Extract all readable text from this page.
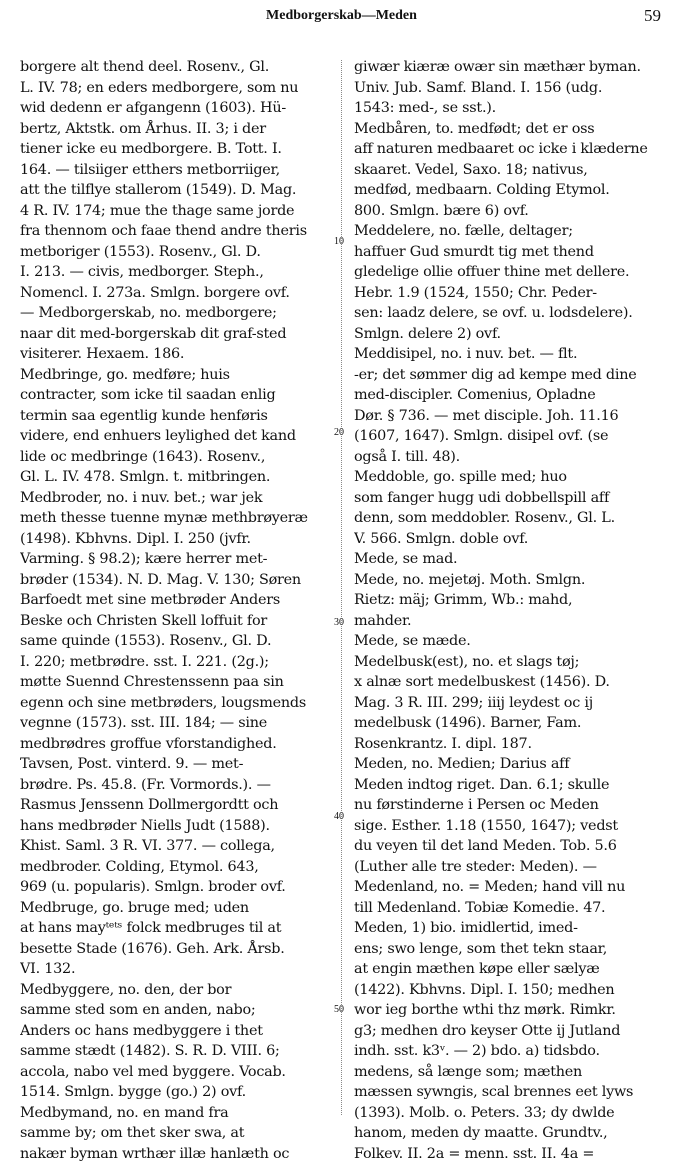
Medborgerskab—Meden	59
10
20
30
40
50
borgere alt thend deel. Rosenv., Gl.
L. IV. 78; en eders medborgere, som nu
wid dedenn er afgangenn (1603). Hü-
bertz, Aktstk. om Århus. II. 3; i der
tiener icke eu medborgere. B. Tott. I.
164. — tilsiiger etthers metborriiger,
att the tilflye stallerom (1549). D. Mag.
4 R. IV. 174; mue the thage same jorde
fra thennom och faae thend andre theris
metboriger (1553). Rosenv., Gl. D.
I. 213. — civis, medborger. Steph.,
Nomencl. I. 273a. Smlgn. borgere ovf.
— Medborgerskab, no. medborgere;
naar dit med-borgerskab dit graf-sted
visiterer. Hexaem. 186.
Medbringe, go. medføre; huis
contracter, som icke til saadan enlig
termin saa egentlig kunde henføris
videre, end enhuers leylighed det kand
lide oc medbringe (1643). Rosenv.,
Gl. L. IV. 478. Smlgn. t. mitbringen.
Medbroder, no. i nuv. bet.; war jek
meth thesse tuenne mynæ methbrøyeræ
(1498). Kbhvns. Dipl. I. 250 (jvfr.
Varming. § 98.2); kære herrer met-
brøder (1534). N. D. Mag. V. 130; Søren
Barfoedt met sine metbrøder Anders
Beske och Christen Skell loffuit for
same quinde (1553). Rosenv., Gl. D.
I. 220; metbrødre. sst. I. 221. (2g.);
møtte Suennd Chrestenssenn paa sin
egenn och sine metbrøders, lougsmends
vegnne (1573). sst. III. 184; — sine
medbrødres groffue vforstandighed.
Tavsen, Post. vinterd. 9. — met-
brødre. Ps. 45.8. (Fr. Vormords.). —
Rasmus Jenssenn Dollmergordtt och
hans medbrøder Niells Judt (1588).
Khist. Saml. 3 R. VI. 377. — collega,
medbroder. Colding, Etymol. 643,
969 (u. popularis). Smlgn. broder ovf.
Medbruge, go. bruge med; uden
at hans mayᵗᵉᵗˢ folck medbruges til at
besette Stade (1676). Geh. Ark. Årsb.
VI. 132.
Medbyggere, no. den, der bor
samme sted som en anden, nabo;
Anders oc hans medbyggere i thet
samme stædt (1482). S. R. D. VIII. 6;
accola, nabo vel med byggere. Vocab.
1514. Smlgn. bygge (go.) 2) ovf.
Medbymand, no. en mand fra
samme by; om thet sker swa, at
nakær byman wrthær illæ hanlæth oc
giwær kiæræ owær sin mæthær byman.
Univ. Jub. Samf. Bland. I. 156 (udg.
1543: med-, se sst.).
Medbåren, to. medfødt; det er oss
aff naturen medbaaret oc icke i klæderne
skaaret. Vedel, Saxo. 18; nativus,
medfød, medbaarn. Colding Etymol.
800. Smlgn. bære 6) ovf.
Meddelere, no. fælle, deltager;
haffuer Gud smurdt tig met thend
gledelige ollie offuer thine met dellere.
Hebr. 1.9 (1524, 1550; Chr. Peder-
sen: laadz delere, se ovf. u. lodsdelere).
Smlgn. delere 2) ovf.
Meddisipel, no. i nuv. bet. — flt.
-er; det sømmer dig ad kempe med dine
med-discipler. Comenius, Opladne
Dør. § 736. — met disciple. Joh. 11.16
(1607, 1647). Smlgn. disipel ovf. (se
også I. till. 48).
Meddoble, go. spille med; huo
som fanger hugg udi dobbellspill aff
denn, som meddobler. Rosenv., Gl. L.
V. 566. Smlgn. doble ovf.
Mede, se mad.
Mede, no. mejetøj. Moth. Smlgn.
Rietz: mäj; Grimm, Wb.: mahd,
mahder.
Mede, se mæde.
Medelbusk(est), no. et slags tøj;
x alnæ sort medelbuskest (1456). D.
Mag. 3 R. III. 299; iiij leydest oc ij
medelbusk (1496). Barner, Fam.
Rosenkrantz. I. dipl. 187.
Meden, no. Medien; Darius aff
Meden indtog riget. Dan. 6.1; skulle
nu førstinderne i Persen oc Meden
sige. Esther. 1.18 (1550, 1647); vedst
du veyen til det land Meden. Tob. 5.6
(Luther alle tre steder: Meden). —
Medenland, no. = Meden; hand vill nu
till Medenland. Tobiæ Komedie. 47.
Meden, 1) bio. imidlertid, imed-
ens; swo lenge, som thet tekn staar,
at engin mæthen køpe eller sælyæ
(1422). Kbhvns. Dipl. I. 150; medhen
wor ieg borthe wthi thz mørk. Rimkr.
g3; medhen dro keyser Otte ij Jutland
indh. sst. k3ᵛ. — 2) bdo. a) tidsbdo.
medens, så længe som; mæthen
mæssen sywngis, scal brennes eet lyws
(1393). Molb. o. Peters. 33; dy dwlde
hanom, meden dy maatte. Grundtv.,
Folkev. II. 2a = menn. sst. II. 4a =
